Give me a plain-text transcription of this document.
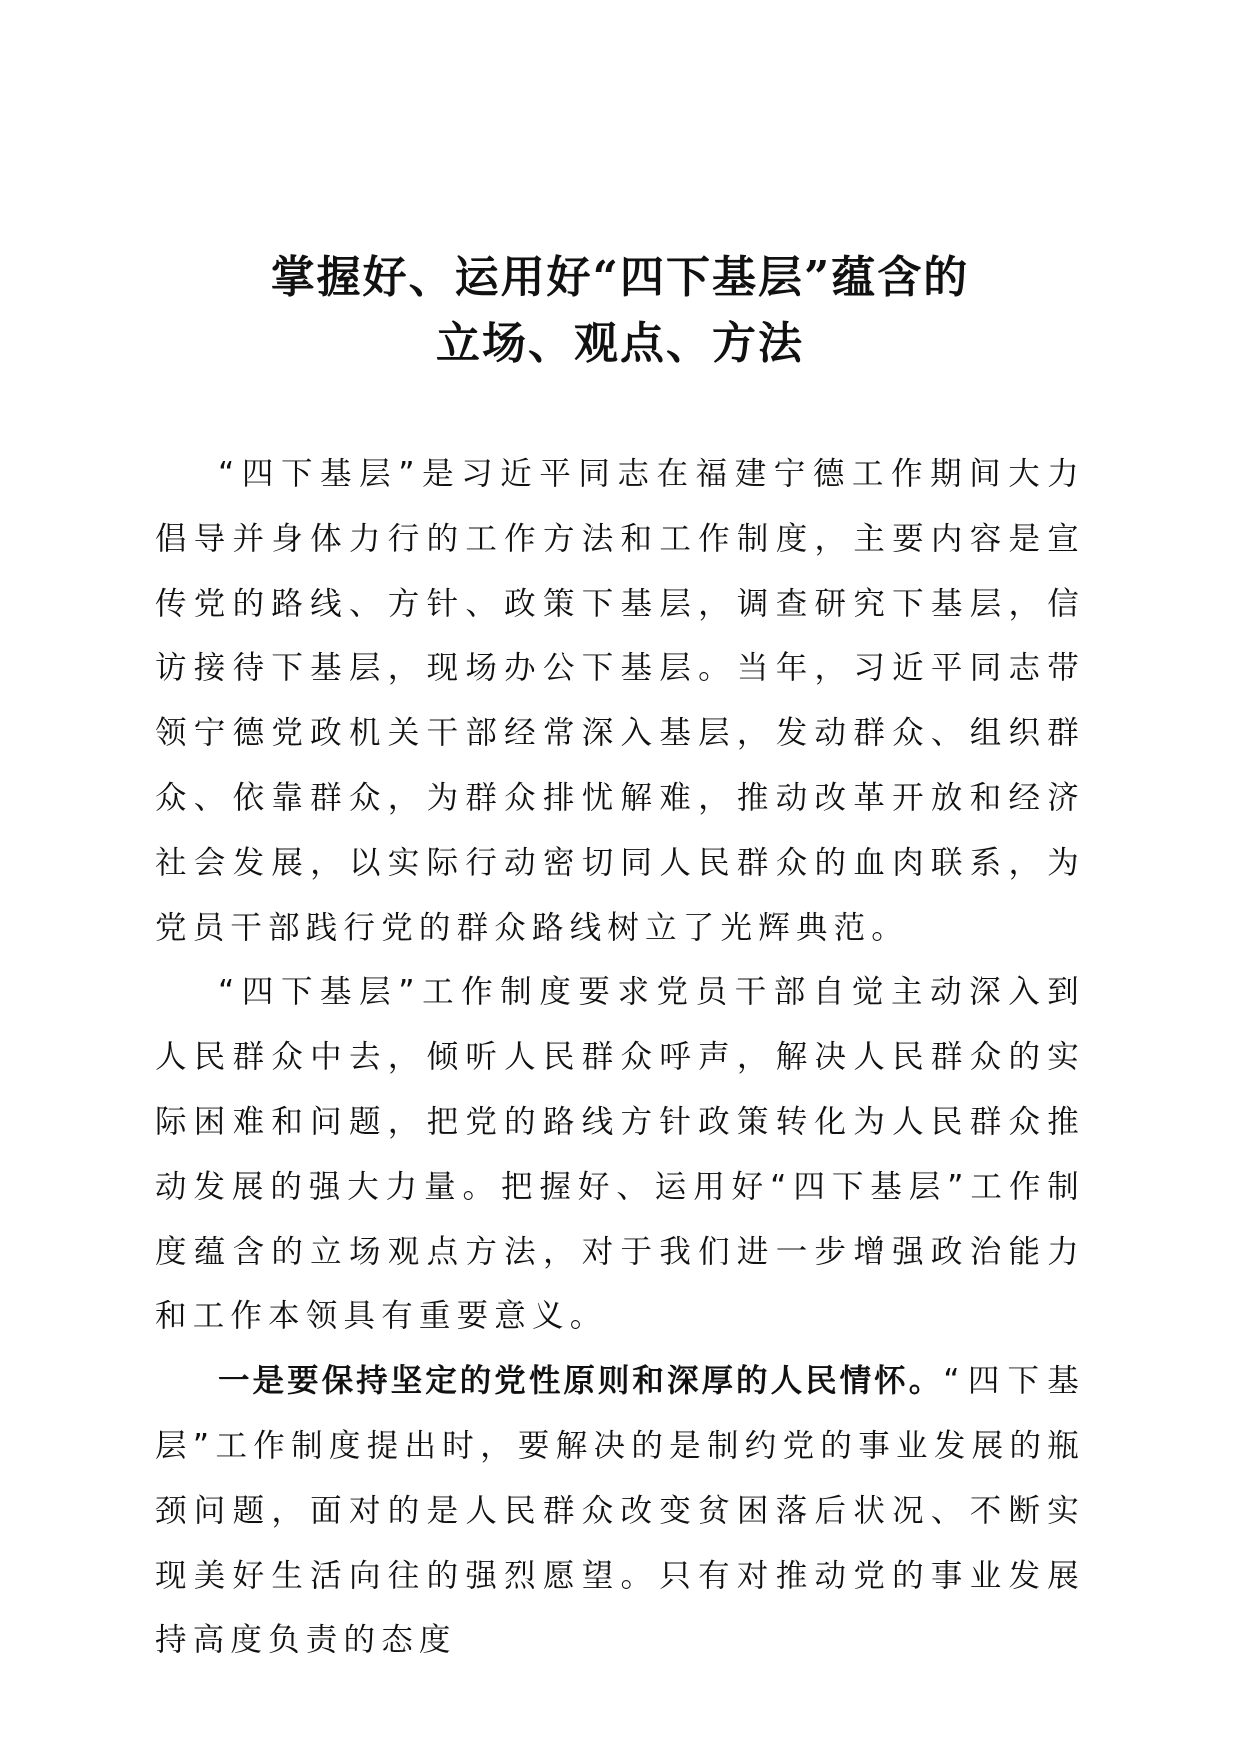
掌握好、运用好“四下基层”蕴含的
立场、观点、方法

“四下基层”是习近平同志在福建宁德工作期间大力倡导并身体力行的工作方法和工作制度，主要内容是宣传党的路线、方针、政策下基层，调查研究下基层，信访接待下基层，现场办公下基层。当年，习近平同志带领宁德党政机关干部经常深入基层，发动群众、组织群众、依靠群众，为群众排忧解难，推动改革开放和经济社会发展，以实际行动密切同人民群众的血肉联系，为党员干部践行党的群众路线树立了光辉典范。

“四下基层”工作制度要求党员干部自觉主动深入到人民群众中去，倾听人民群众呼声，解决人民群众的实际困难和问题，把党的路线方针政策转化为人民群众推动发展的强大力量。把握好、运用好“四下基层”工作制度蕴含的立场观点方法，对于我们进一步增强政治能力和工作本领具有重要意义。

一是要保持坚定的党性原则和深厚的人民情怀。“四下基层”工作制度提出时，要解决的是制约党的事业发展的瓶颈问题，面对的是人民群众改变贫困落后状况、不断实现美好生活向往的强烈愿望。只有对推动党的事业发展持高度负责的态度
